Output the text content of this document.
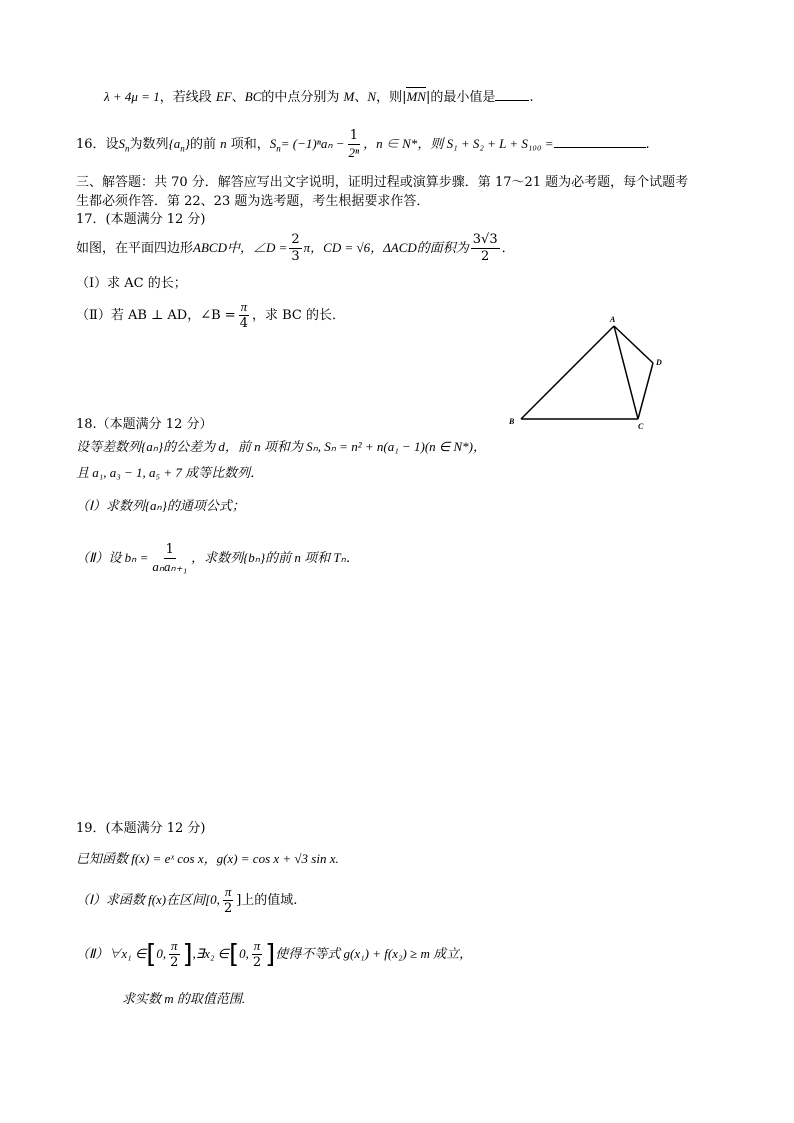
λ + 4μ = 1，若线段 EF、BC的中点分别为 M、N，则|MN|的最小值是	.
16．设$S_n$为数列$\{a_n\}$的前 n 项和，$S_n= (-1)^na_n - \frac{1}{\text{2ⁿ}}$ ，n ∈ N*，则 S₁ + S₂ + L + S₁₀₀ =	.
三、解答题：共 70 分．解答应写出文字说明，证明过程或演算步骤．第 17～21 题为必考题，每个试题考
生都必须作答．第 22、23 题为选考题，考生根据要求作答．
17．(本题满分 12 分)
如图，在平面四边形ABCD中，∠D = $\frac{2}{3}$ π，CD = √6，ΔACD的面积为 $\frac{3√3}{2}$ ．
（Ⅰ）求 AC 的长；
（Ⅱ）若 AB ⊥ AD，∠B = $\frac{\pi}{4}$ ，求 BC 的长．	A
D
B
C
18.（本题满分 12 分）
设等差数列{aₙ}的公差为 d，前 n 项和为 Sₙ, Sₙ = n² + n(a₁ − 1)(n ∈ N*)，
且 a₁, a₃ − 1, a₅ + 7 成等比数列．
（Ⅰ）求数列{aₙ}的通项公式；
（Ⅱ）设 $b_n = \frac{1}{\text{aₙaₙ₊₁}}$ ，求数列{bₙ}的前 n 项和 Tₙ．
19．(本题满分 12 分)
已知函数 f(x) = eˣ cos x，g(x) = cos x + √3 sin x.
（Ⅰ）求函数 f(x)在区间[0, $\frac{\pi}{2}$ ]上的值域.
（Ⅱ）∀x₁ ∈[0, $\frac{\pi}{2}$ ],∃x₂ ∈[0, $\frac{\pi}{2}$ ]使得不等式 g(x₁) + f(x₂) ≥ m 成立，
求实数 m 的取值范围.
